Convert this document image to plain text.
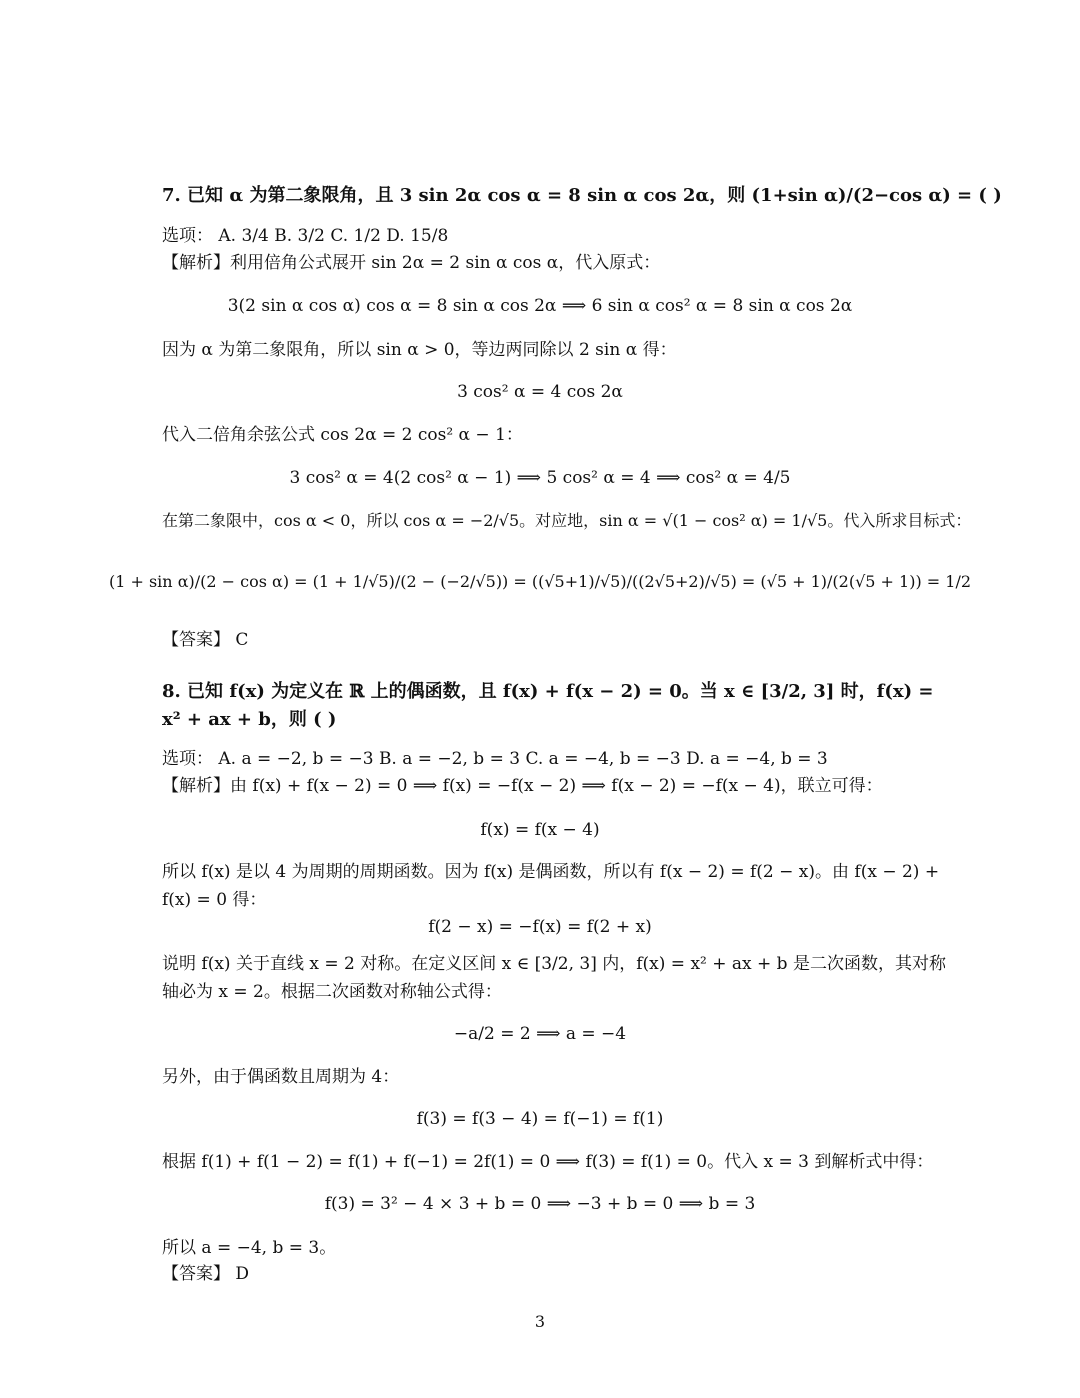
7. 已知 α 为第二象限角，且 3 sin 2α cos α = 8 sin α cos 2α，则 (1+sin α)/(2−cos α) = ( )
选项： A. 3/4 B. 3/2 C. 1/2 D. 15/8
【解析】利用倍角公式展开 sin 2α = 2 sin α cos α，代入原式：
3(2 sin α cos α) cos α = 8 sin α cos 2α ⟹ 6 sin α cos² α = 8 sin α cos 2α
因为 α 为第二象限角，所以 sin α > 0，等边两同除以 2 sin α 得：
3 cos² α = 4 cos 2α
代入二倍角余弦公式 cos 2α = 2 cos² α − 1：
3 cos² α = 4(2 cos² α − 1) ⟹ 5 cos² α = 4 ⟹ cos² α = 4/5
在第二象限中，cos α < 0，所以 cos α = −2/√5。对应地，sin α = √(1 − cos² α) = 1/√5。代入所求目标式：
(1 + sin α)/(2 − cos α) = (1 + 1/√5)/(2 − (−2/√5)) = ((√5+1)/√5)/((2√5+2)/√5) = (√5 + 1)/(2(√5 + 1)) = 1/2
【答案】 C
8. 已知 f(x) 为定义在 ℝ 上的偶函数，且 f(x) + f(x − 2) = 0。当 x ∈ [3/2, 3] 时，f(x) =
x² + ax + b，则 ( )
选项： A. a = −2, b = −3 B. a = −2, b = 3 C. a = −4, b = −3 D. a = −4, b = 3
【解析】由 f(x) + f(x − 2) = 0 ⟹ f(x) = −f(x − 2) ⟹ f(x − 2) = −f(x − 4)，联立可得：
f(x) = f(x − 4)
所以 f(x) 是以 4 为周期的周期函数。因为 f(x) 是偶函数，所以有 f(x − 2) = f(2 − x)。由 f(x − 2) +
f(x) = 0 得：
f(2 − x) = −f(x) = f(2 + x)
说明 f(x) 关于直线 x = 2 对称。在定义区间 x ∈ [3/2, 3] 内，f(x) = x² + ax + b 是二次函数，其对称
轴必为 x = 2。根据二次函数对称轴公式得：
−a/2 = 2 ⟹ a = −4
另外，由于偶函数且周期为 4：
f(3) = f(3 − 4) = f(−1) = f(1)
根据 f(1) + f(1 − 2) = f(1) + f(−1) = 2f(1) = 0 ⟹ f(3) = f(1) = 0。代入 x = 3 到解析式中得：
f(3) = 3² − 4 × 3 + b = 0 ⟹ −3 + b = 0 ⟹ b = 3
所以 a = −4, b = 3。
【答案】 D
3
